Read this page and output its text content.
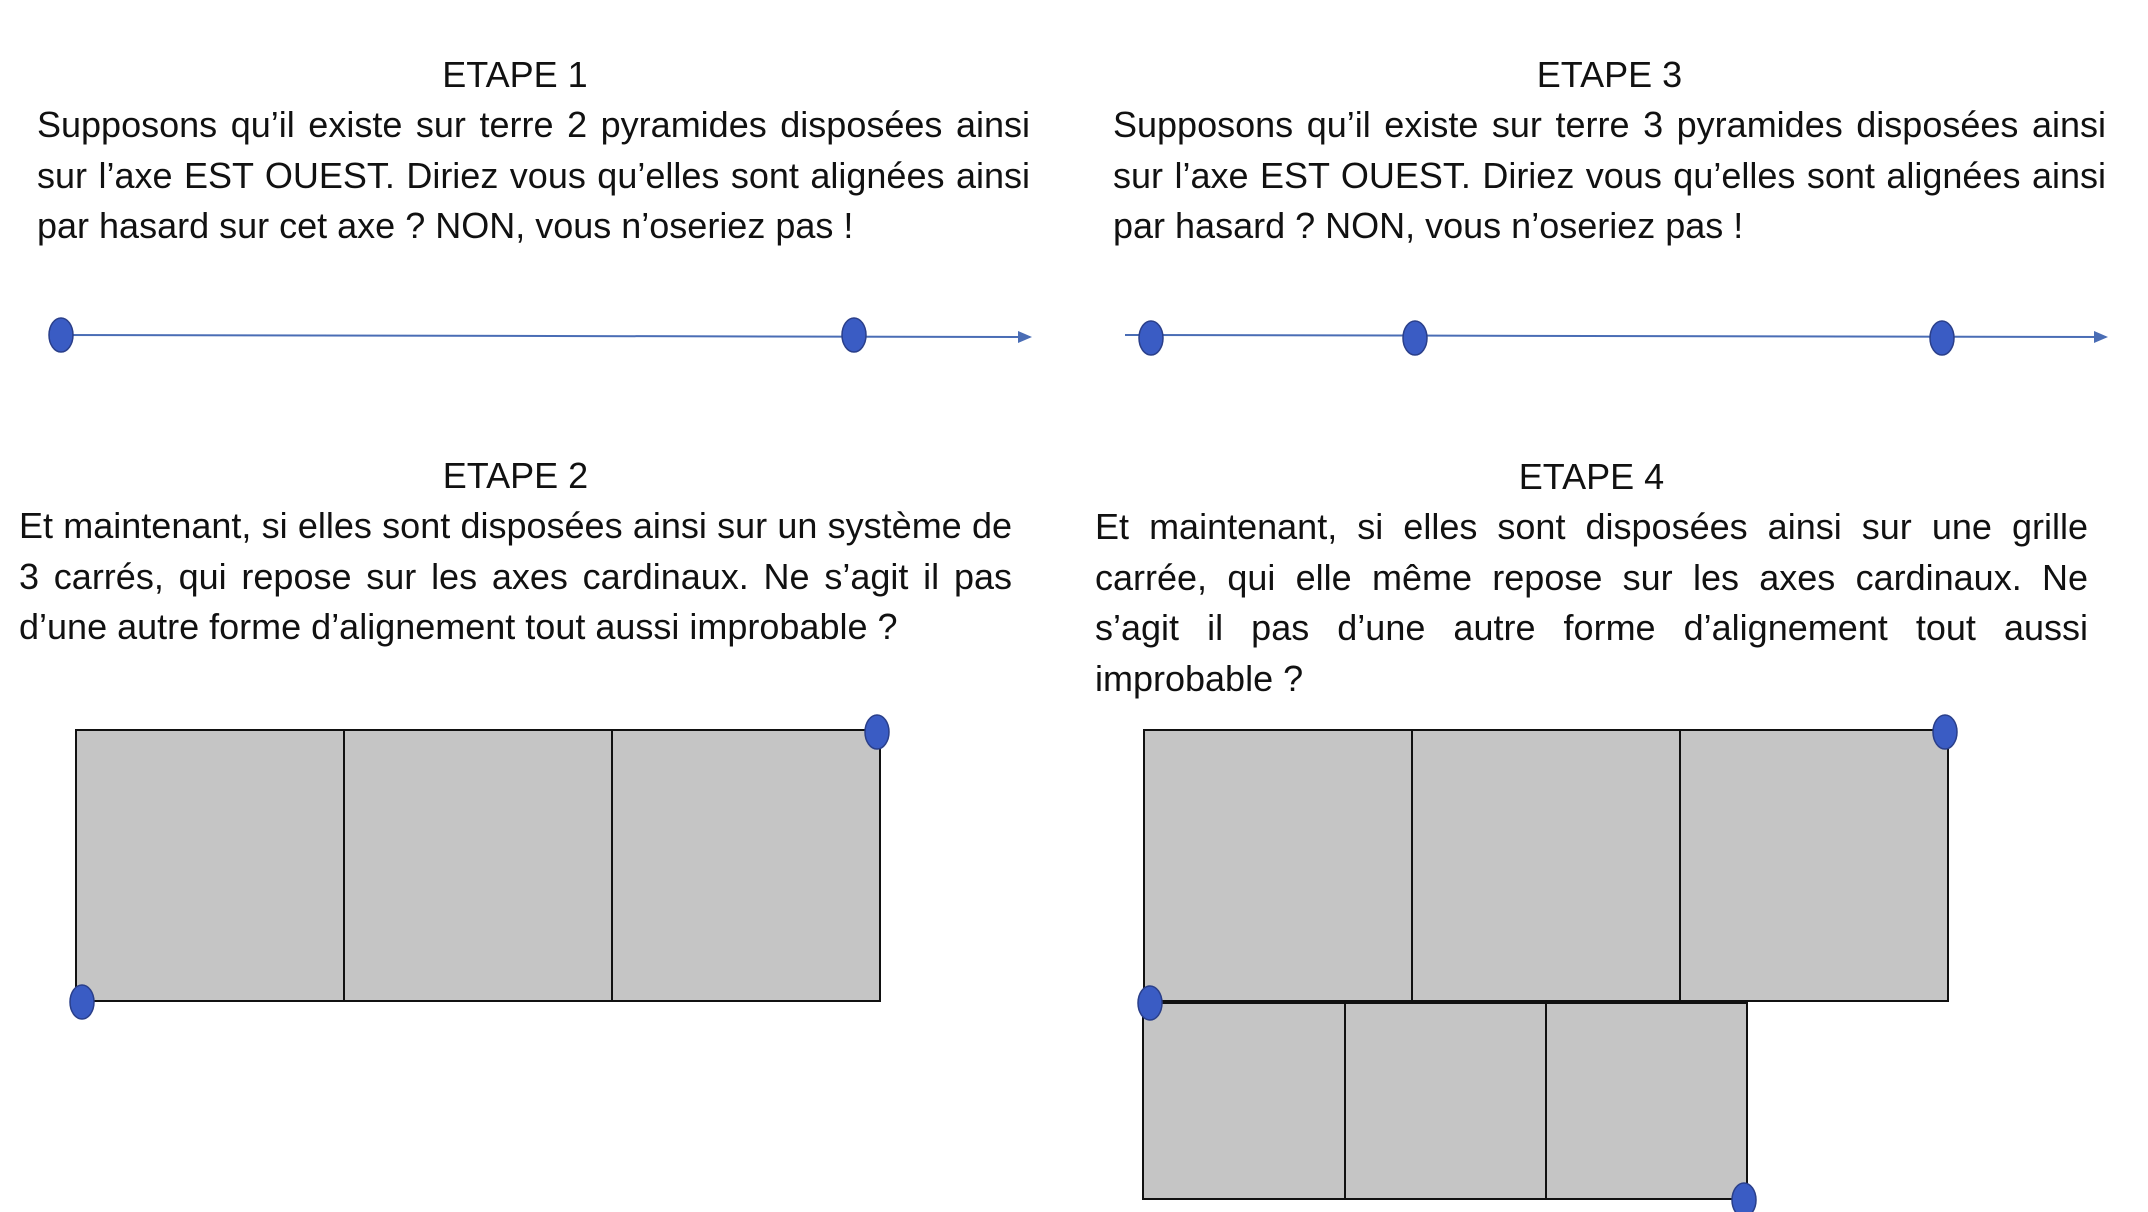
ETAPE 1

Supposons qu’il existe sur terre 2 pyramides disposées ainsi sur l’axe EST OUEST. Diriez vous qu’elles sont alignées ainsi par hasard sur cet axe ? NON, vous n’oseriez pas !

ETAPE 3

Supposons qu’il existe sur terre 3 pyramides disposées ainsi sur l’axe EST OUEST. Diriez vous qu’elles sont alignées ainsi par hasard ? NON, vous n’oseriez pas !

ETAPE 2

Et maintenant, si elles sont disposées ainsi sur un système de 3 carrés, qui repose sur les axes cardinaux. Ne s’agit il pas d’une autre forme d’alignement tout aussi improbable ?

ETAPE 4

Et maintenant, si elles sont disposées ainsi sur une grille carrée, qui elle même repose sur les axes cardinaux. Ne s’agit il pas d’une autre forme d’alignement tout aussi improbable ?
